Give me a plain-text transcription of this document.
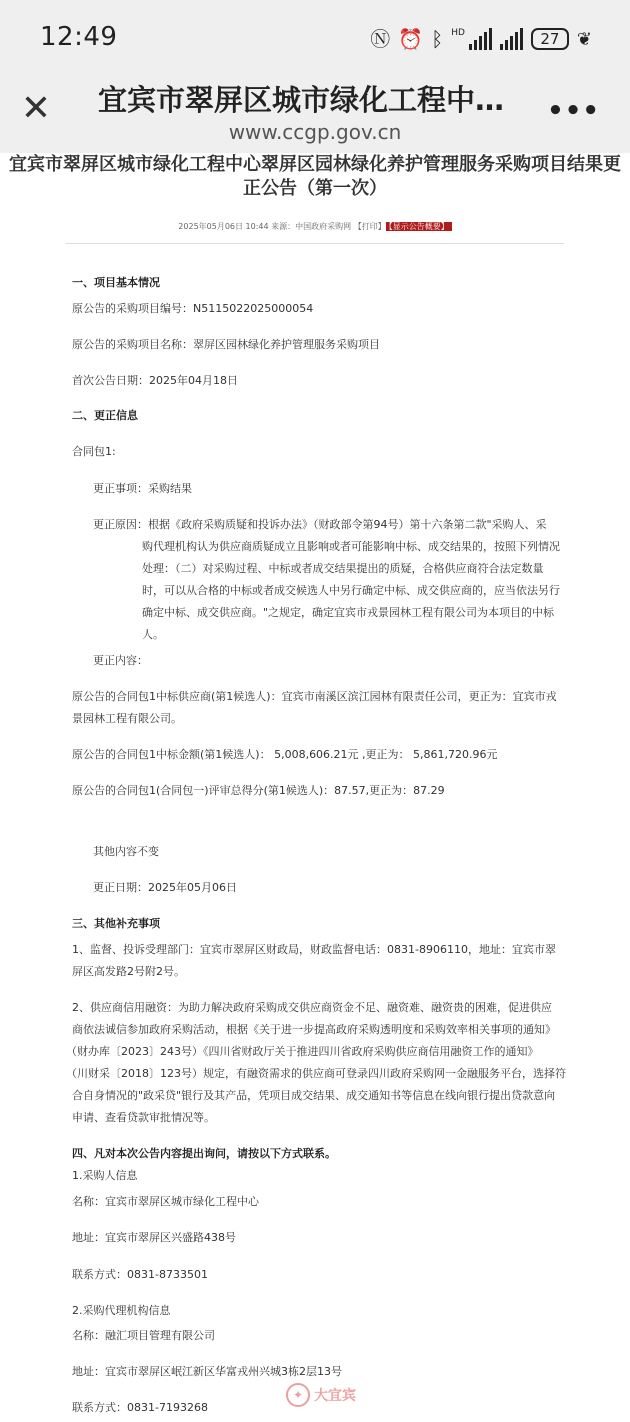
12:49	Ⓝ ⏰ ᛒ HD	27 ❦
✕ 宜宾市翠屏区城市绿化工程中…
www.ccgp.gov.cn
•••
宜宾市翠屏区城市绿化工程中心翠屏区园林绿化养护管理服务采购项目结果更正公告（第一次）
2025年05月06日 10:44 来源：中国政府采购网 【打印】 【显示公告概要】
一、项目基本情况
原公告的采购项目编号：N5115022025000054
原公告的采购项目名称：翠屏区园林绿化养护管理服务采购项目
首次公告日期：2025年04月18日
二、更正信息
合同包1:
更正事项：采购结果
更正原因： 根据《政府采购质疑和投诉办法》（财政部令第94号）第十六条第二款"采购人、采
购代理机构认为供应商质疑成立且影响或者可能影响中标、成交结果的，按照下列情况
处理：（二）对采购过程、中标或者成交结果提出的质疑，合格供应商符合法定数量
时，可以从合格的中标或者成交候选人中另行确定中标、成交供应商的，应当依法另行
确定中标、成交供应商。"之规定，确定宜宾市戎景园林工程有限公司为本项目的中标
人。
更正内容：
原公告的合同包1中标供应商(第1候选人)：宜宾市南溪区滨江园林有限责任公司，更正为：宜宾市戎
景园林工程有限公司。
原公告的合同包1中标金额(第1候选人)： 5,008,606.21元 ,更正为： 5,861,720.96元
原公告的合同包1(合同包一)评审总得分(第1候选人)：87.57,更正为：87.29
其他内容不变
更正日期：2025年05月06日
三、其他补充事项
1、监督、投诉受理部门：宜宾市翠屏区财政局，财政监督电话：0831-8906110，地址：宜宾市翠
屏区高发路2号附2号。
2、供应商信用融资：为助力解决政府采购成交供应商资金不足、融资难、融资贵的困难，促进供应
商依法诚信参加政府采购活动，根据《关于进一步提高政府采购透明度和采购效率相关事项的通知》
（财办库〔2023〕243号）《四川省财政厅关于推进四川省政府采购供应商信用融资工作的通知》
（川财采〔2018〕123号）规定，有融资需求的供应商可登录四川政府采购网一金融服务平台，选择符
合自身情况的"政采贷"银行及其产品，凭项目成交结果、成交通知书等信息在线向银行提出贷款意向
申请、查看贷款审批情况等。
四、凡对本次公告内容提出询问，请按以下方式联系。
1.采购人信息
名称：宜宾市翠屏区城市绿化工程中心
地址：宜宾市翠屏区兴盛路438号
联系方式：0831-8733501
2.采购代理机构信息
名称：融汇项目管理有限公司
地址：宜宾市翠屏区岷江新区华富戎州兴城3栋2层13号
联系方式：0831-7193268
✦ 大宜宾
